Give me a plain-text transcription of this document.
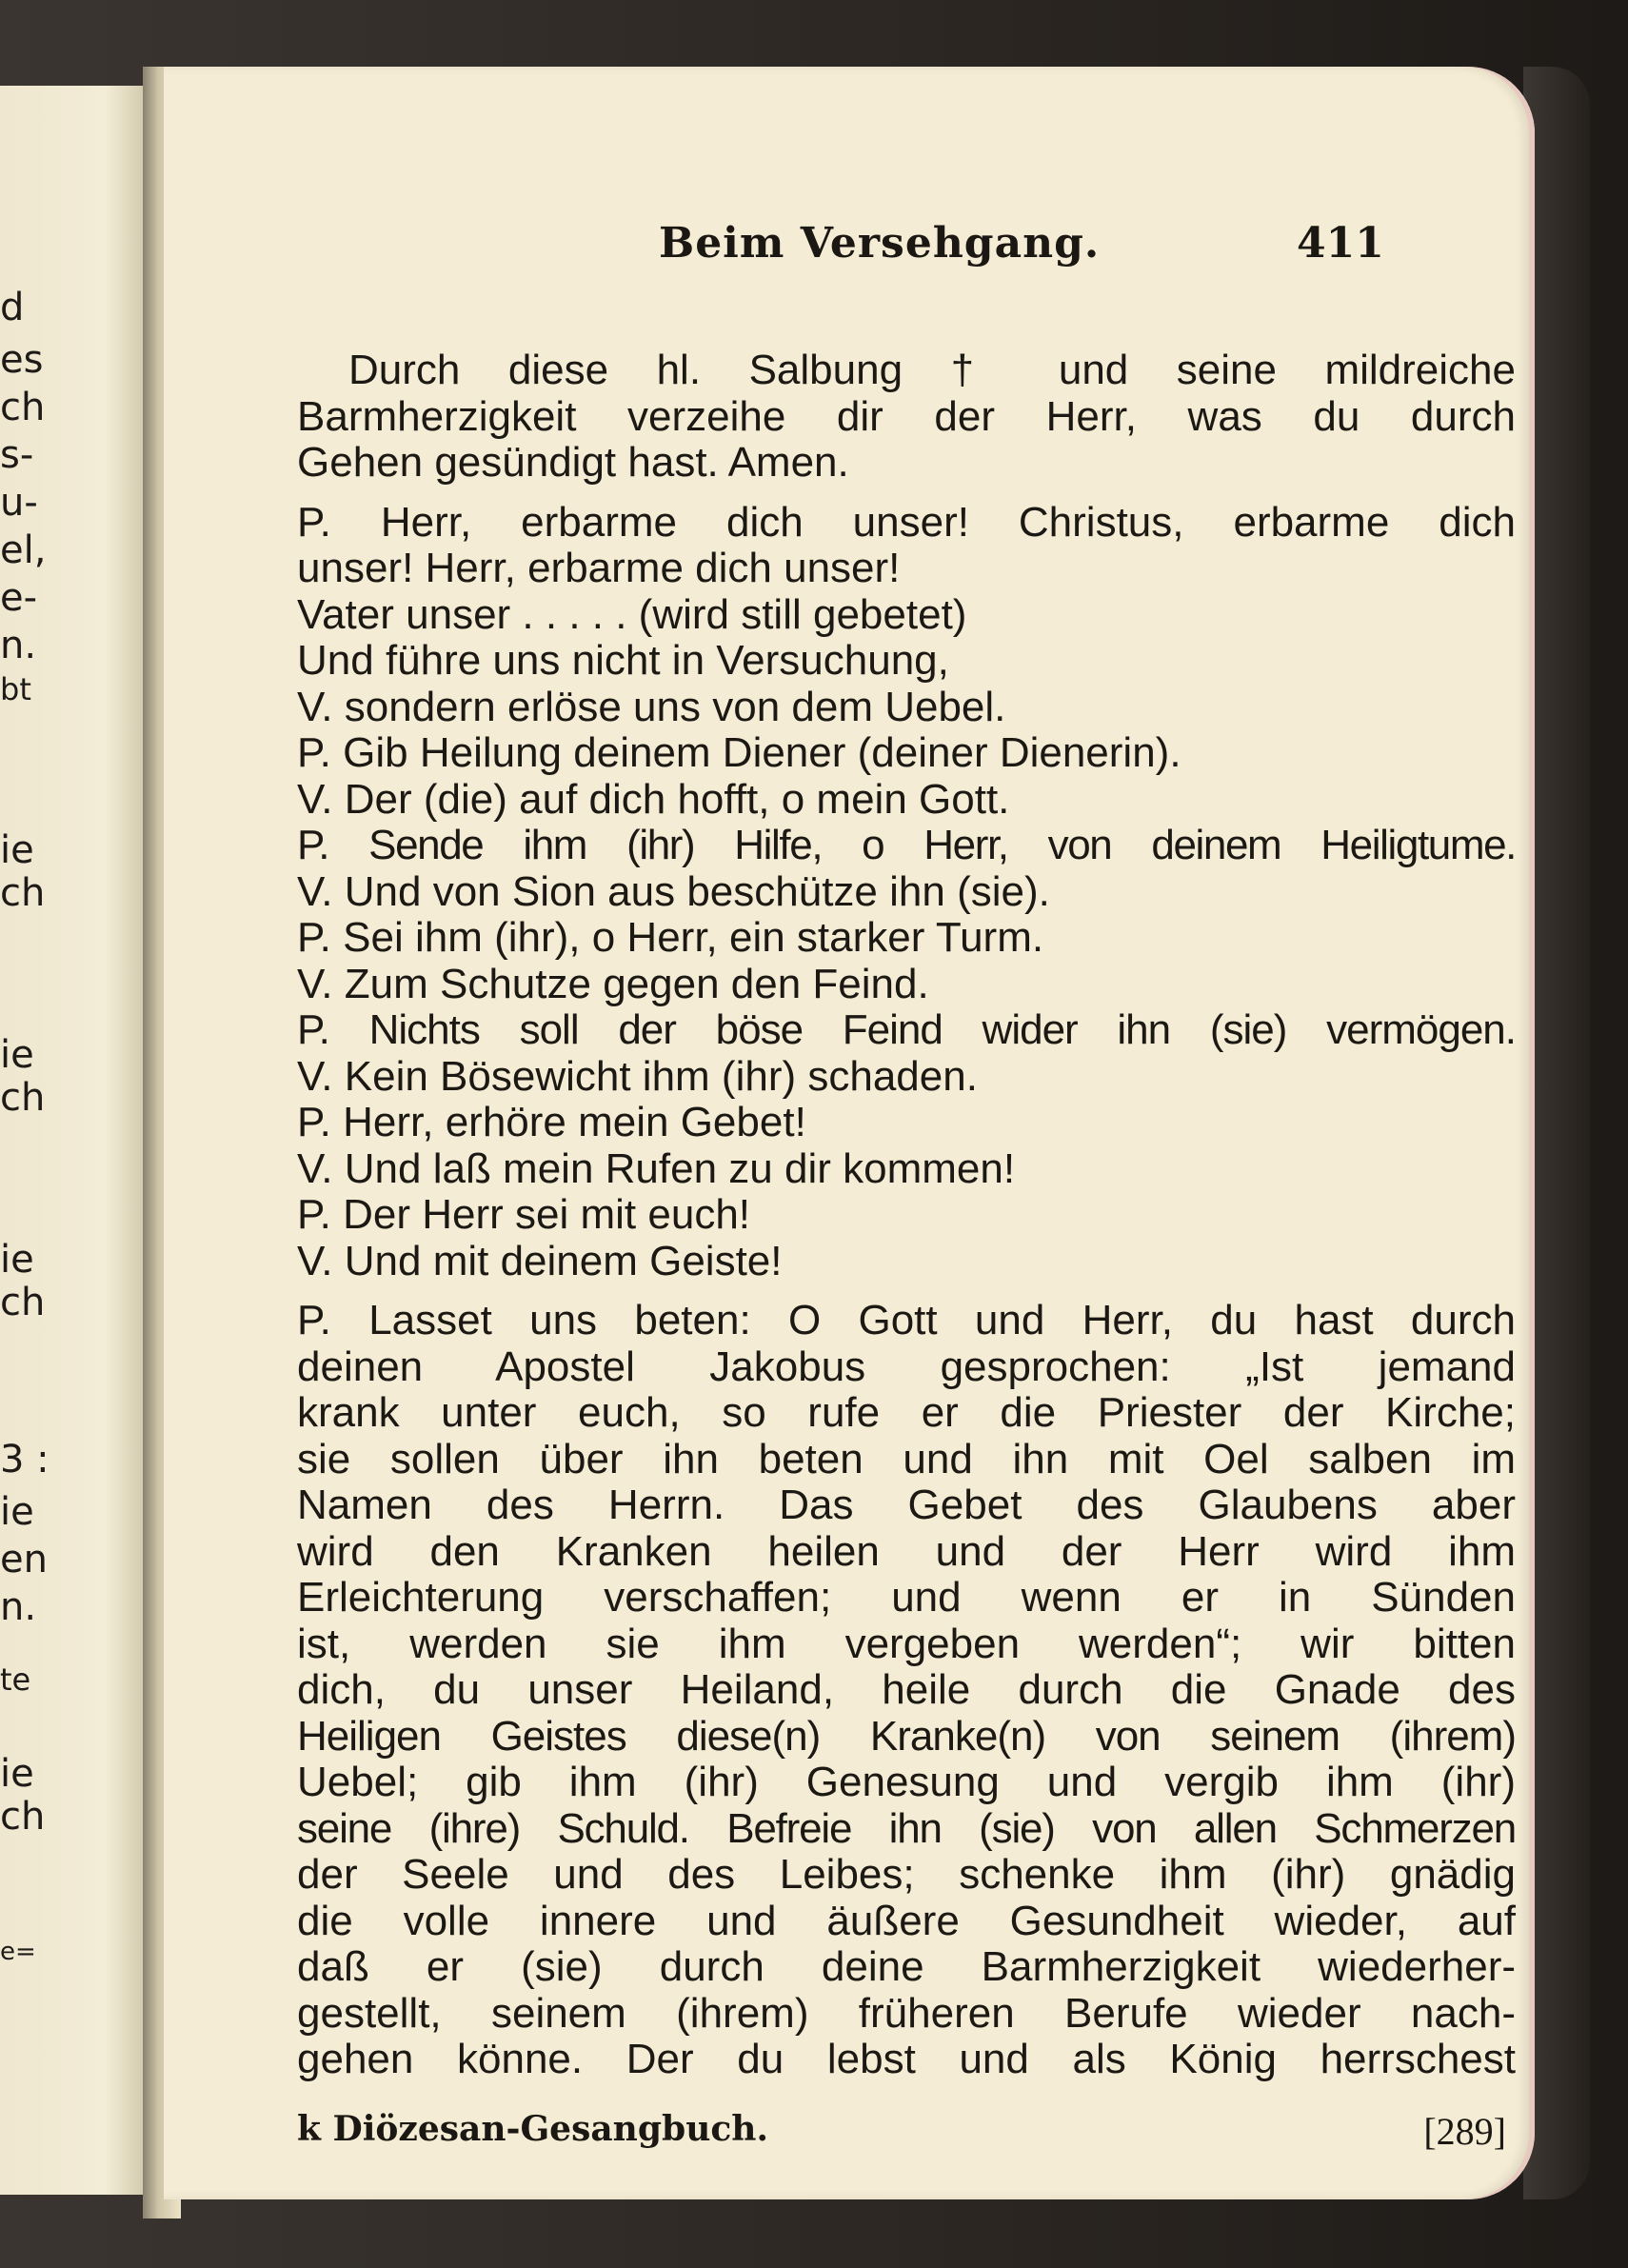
d
es
ch
s-
u-
el,
e-
n.
bt
ie
ch
ie
ch
ie
ch
3 :
ie
en
n.
te
ie
ch
e=
Beim Versehgang.	411
Durch diese hl. Salbung † und seine mildreiche
Barmherzigkeit verzeihe dir der Herr, was du durch
Gehen gesündigt hast. Amen.
P. Herr, erbarme dich unser! Christus, erbarme dich
unser! Herr, erbarme dich unser!
Vater unser . . . . . (wird still gebetet)
Und führe uns nicht in Versuchung,
V. sondern erlöse uns von dem Uebel.
P. Gib Heilung deinem Diener (deiner Dienerin).
V. Der (die) auf dich hofft, o mein Gott.
P. Sende ihm (ihr) Hilfe, o Herr, von deinem Heiligtume.
V. Und von Sion aus beschütze ihn (sie).
P. Sei ihm (ihr), o Herr, ein starker Turm.
V. Zum Schutze gegen den Feind.
P. Nichts soll der böse Feind wider ihn (sie) vermögen.
V. Kein Bösewicht ihm (ihr) schaden.
P. Herr, erhöre mein Gebet!
V. Und laß mein Rufen zu dir kommen!
P. Der Herr sei mit euch!
V. Und mit deinem Geiste!
P. Lasset uns beten: O Gott und Herr, du hast durch
deinen Apostel Jakobus gesprochen: „Ist jemand
krank unter euch, so rufe er die Priester der Kirche;
sie sollen über ihn beten und ihn mit Oel salben im
Namen des Herrn. Das Gebet des Glaubens aber
wird den Kranken heilen und der Herr wird ihm
Erleichterung verschaffen; und wenn er in Sünden
ist, werden sie ihm vergeben werden“; wir bitten
dich, du unser Heiland, heile durch die Gnade des
Heiligen Geistes diese(n) Kranke(n) von seinem (ihrem)
Uebel; gib ihm (ihr) Genesung und vergib ihm (ihr)
seine (ihre) Schuld. Befreie ihn (sie) von allen Schmerzen
der Seele und des Leibes; schenke ihm (ihr) gnädig
die volle innere und äußere Gesundheit wieder, auf
daß er (sie) durch deine Barmherzigkeit wiederher-
gestellt, seinem (ihrem) früheren Berufe wieder nach-
gehen könne. Der du lebst und als König herrschest
k Diözesan-Gesangbuch.	[289]
